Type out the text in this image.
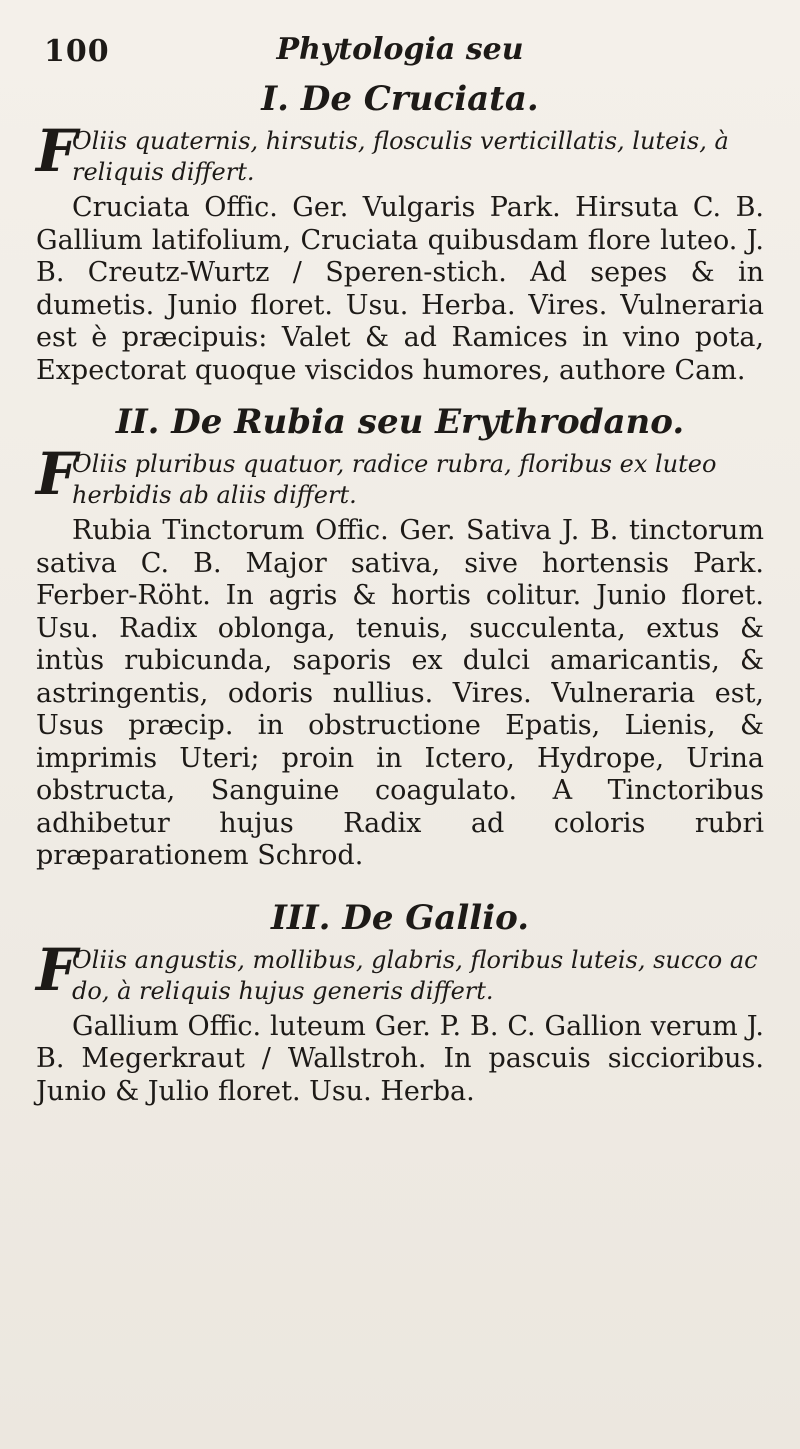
100	Phytologia seu
I. De Cruciata.
F
Oliis quaternis, hirsutis, flosculis verticillatis, luteis, à reliquis differt.

Cruciata Offic. Ger. Vulgaris Park. Hirsuta C. B. Gallium latifolium, Cruciata quibusdam flore luteo. J. B. Creutz-Wurtz / Speren-stich. Ad sepes & in dumetis. Junio floret. Usu. Herba. Vires. Vulneraria est è præcipuis: Valet & ad Ramices in vino pota, Expectorat quoque viscidos humores, authore Cam.

II. De Rubia seu Erythrodano.
F
Oliis pluribus quatuor, radice rubra, floribus ex luteo herbidis ab aliis differt.

Rubia Tinctorum Offic. Ger. Sativa J. B. tinctorum sativa C. B. Major sativa, sive hortensis Park. Ferber-Röht. In agris & hortis colitur. Junio floret. Usu. Radix oblonga, tenuis, succulenta, extus & intùs rubicunda, saporis ex dulci amaricantis, & astringentis, odoris nullius. Vires. Vulneraria est, Usus præcip. in obstructione Epatis, Lienis, & imprimis Uteri; proin in Ictero, Hydrope, Urina obstructa, Sanguine coagulato. A Tinctoribus adhibetur hujus Radix ad coloris rubri præparationem Schrod.

III. De Gallio.
F
Oliis angustis, mollibus, glabris, floribus luteis, succo ac do, à reliquis hujus generis differt.

Gallium Offic. luteum Ger. P. B. C. Gallion verum J. B. Megerkraut / Wallstroh. In pascuis siccioribus. Junio & Julio floret. Usu. Herba.
